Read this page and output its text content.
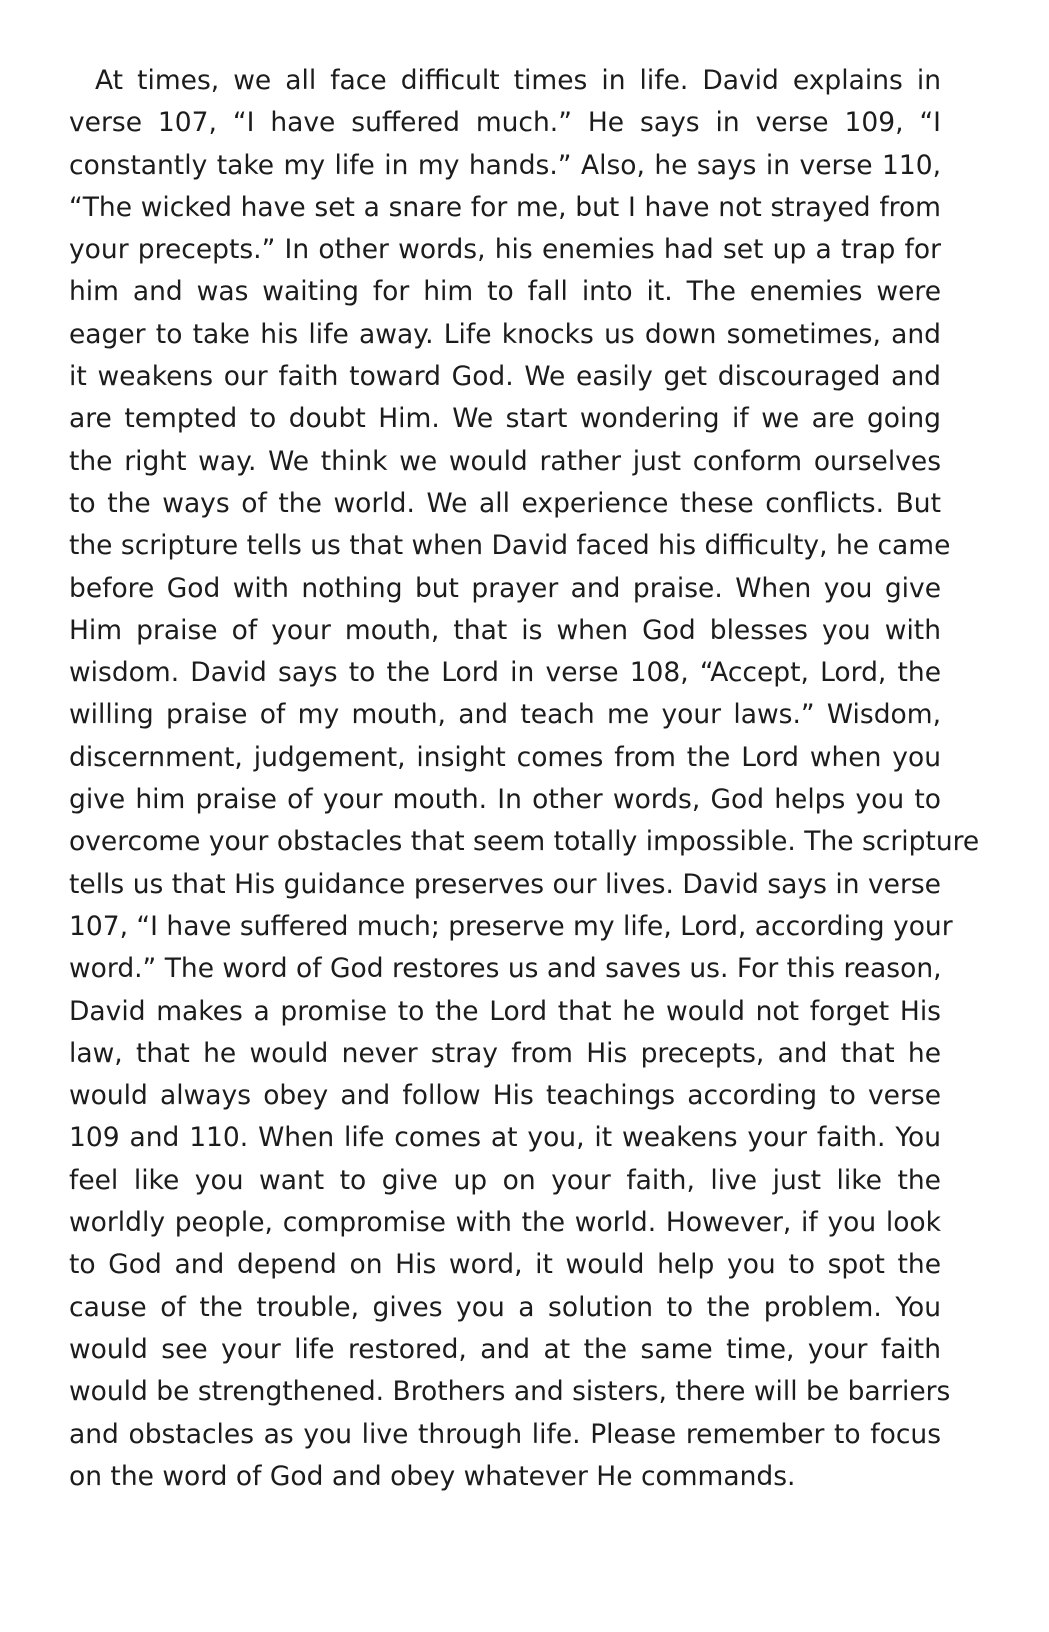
At times, we all face difficult times in life. David explains in
verse 107, “I have suffered much.” He says in verse 109, “I
constantly take my life in my hands.” Also, he says in verse 110,
“The wicked have set a snare for me, but I have not strayed from
your precepts.” In other words, his enemies had set up a trap for
him and was waiting for him to fall into it. The enemies were
eager to take his life away. Life knocks us down sometimes, and
it weakens our faith toward God. We easily get discouraged and
are tempted to doubt Him. We start wondering if we are going
the right way. We think we would rather just conform ourselves
to the ways of the world. We all experience these conflicts. But
the scripture tells us that when David faced his difficulty, he came
before God with nothing but prayer and praise. When you give
Him praise of your mouth, that is when God blesses you with
wisdom. David says to the Lord in verse 108, “Accept, Lord, the
willing praise of my mouth, and teach me your laws.” Wisdom,
discernment, judgement, insight comes from the Lord when you
give him praise of your mouth. In other words, God helps you to
overcome your obstacles that seem totally impossible. The scripture
tells us that His guidance preserves our lives. David says in verse
107, “I have suffered much; preserve my life, Lord, according your
word.” The word of God restores us and saves us. For this reason,
David makes a promise to the Lord that he would not forget His
law, that he would never stray from His precepts, and that he
would always obey and follow His teachings according to verse
109 and 110. When life comes at you, it weakens your faith. You
feel like you want to give up on your faith, live just like the
worldly people, compromise with the world. However, if you look
to God and depend on His word, it would help you to spot the
cause of the trouble, gives you a solution to the problem. You
would see your life restored, and at the same time, your faith
would be strengthened. Brothers and sisters, there will be barriers
and obstacles as you live through life. Please remember to focus
on the word of God and obey whatever He commands.
